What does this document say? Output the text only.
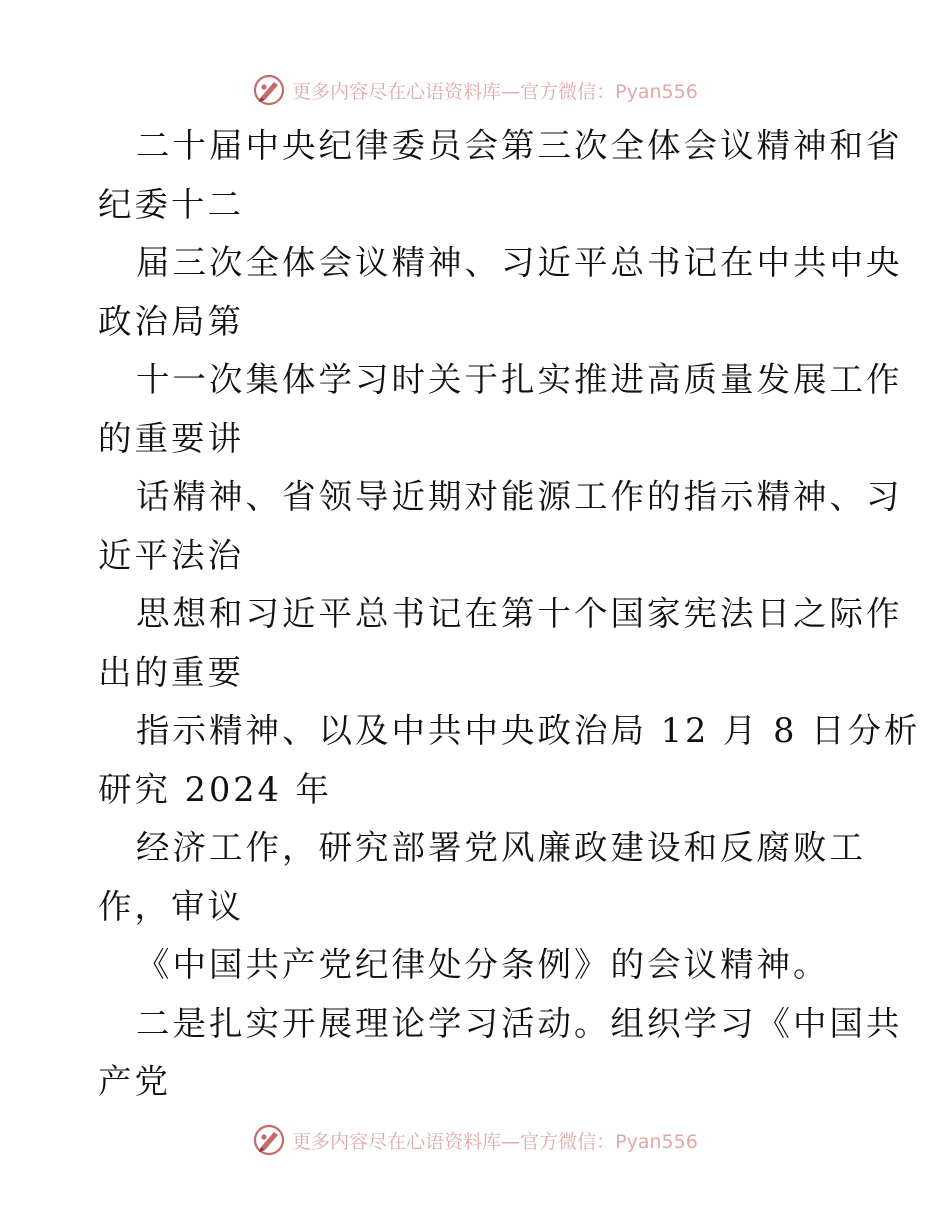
更多内容尽在心语资料库—官方微信：Pyan556

二十届中央纪律委员会第三次全体会议精神和省
纪委十二

届三次全体会议精神、习近平总书记在中共中央
政治局第

十一次集体学习时关于扎实推进高质量发展工作
的重要讲

话精神、省领导近期对能源工作的指示精神、习
近平法治

思想和习近平总书记在第十个国家宪法日之际作
出的重要

指示精神、以及中共中央政治局 12 月 8 日分析
研究 2024 年

经济工作，研究部署党风廉政建设和反腐败工
作，审议

《中国共产党纪律处分条例》的会议精神。

二是扎实开展理论学习活动。组织学习《中国共
产党

更多内容尽在心语资料库—官方微信：Pyan556
